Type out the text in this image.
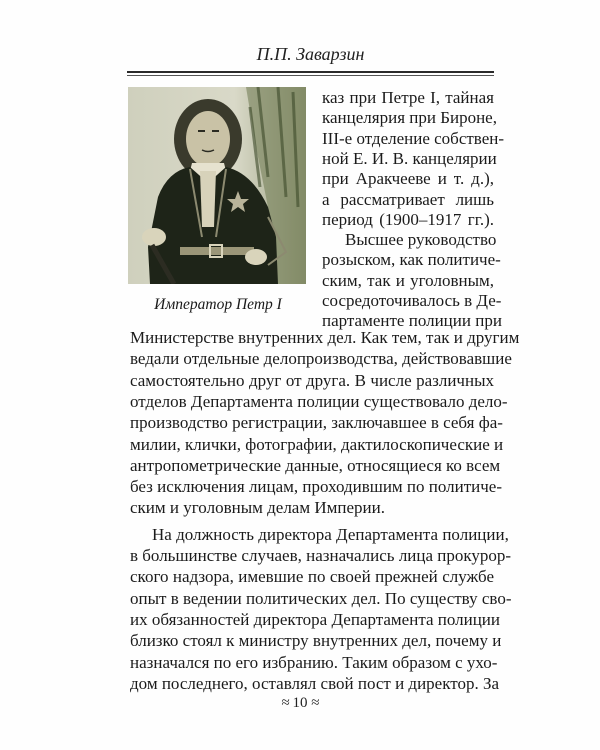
П.П. Заварзин
Император Петр I
каз при Петре I, тайная
канцелярия при Бироне,
III-е отделение собствен-
ной Е. И. В. канцелярии
при Аракчееве и т. д.),
а рассматривает лишь
период (1900–1917 гг.).
Высшее руководство
розыском, как политиче-
ским, так и уголовным,
сосредоточивалось в Де-
партаменте полиции при
Министерстве внутренних дел. Как тем, так и другим
ведали отдельные делопроизводства, действовавшие
самостоятельно друг от друга. В числе различных
отделов Департамента полиции существовало дело-
производство регистрации, заключавшее в себя фа-
милии, клички, фотографии, дактилоскопические и
антропометрические данные, относящиеся ко всем
без исключения лицам, проходившим по политиче-
ским и уголовным делам Империи.
На должность директора Департамента полиции,
в большинстве случаев, назначались лица прокурор-
ского надзора, имевшие по своей прежней службе
опыт в ведении политических дел. По существу сво-
их обязанностей директора Департамента полиции
близко стоял к министру внутренних дел, почему и
назначался по его избранию. Таким образом с ухо-
дом последнего, оставлял свой пост и директор. За
≈ 10 ≈
